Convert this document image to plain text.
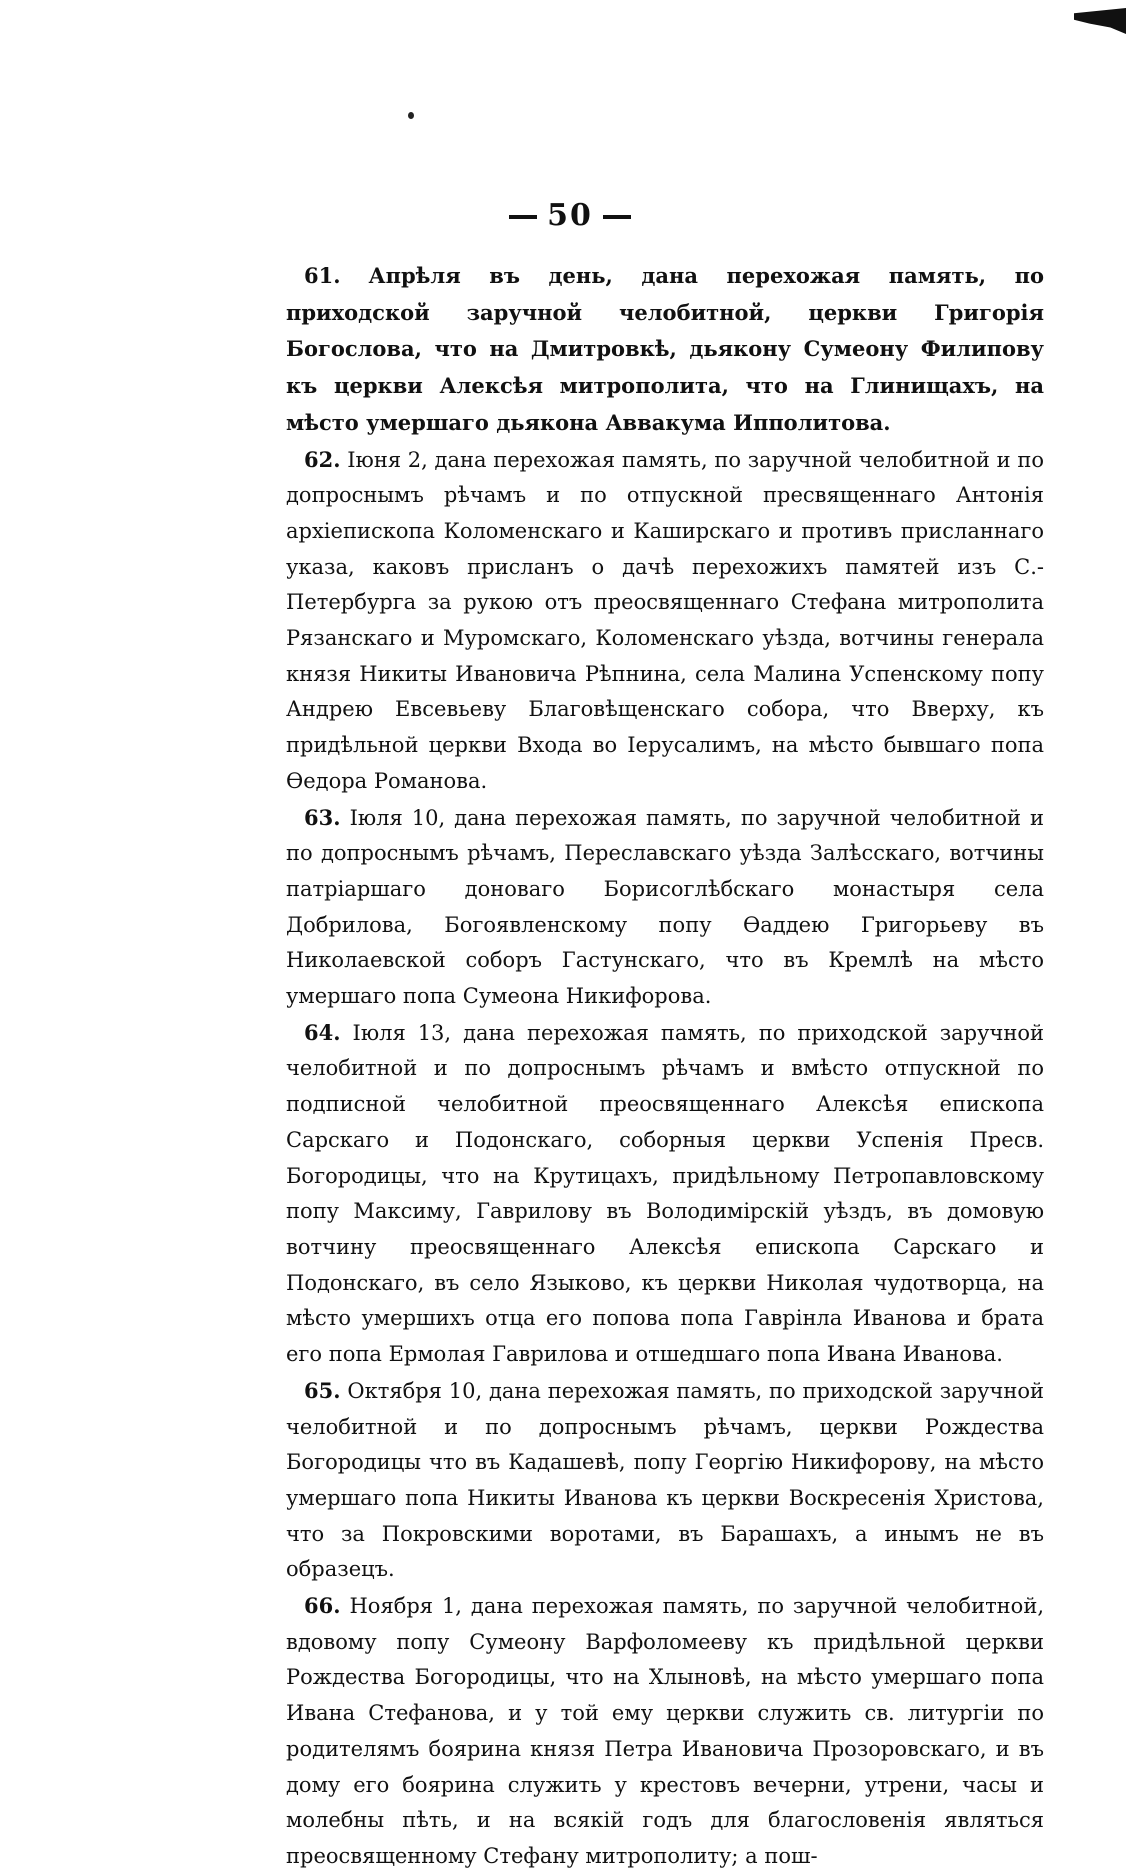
50

61. Апрѣля въ день, дана перехожая память, по приходской заручной челобитной, церкви Григорія Богослова, что на Дмитровкѣ, дьякону Сумеону Филипову къ церкви Алексѣя митрополита, что на Глинищахъ, на мѣсто умершаго дьякона Аввакума Ипполитова.

62. Іюня 2, дана перехожая память, по заручной челобитной и по допроснымъ рѣчамъ и по отпускной пресвященнаго Антонія архіепископа Коломенскаго и Каширскаго и противъ присланнаго указа, каковъ присланъ о дачѣ перехожихъ памятей изъ С.-Петербурга за рукою отъ преосвященнаго Стефана митрополита Рязанскаго и Муромскаго, Коломенскаго уѣзда, вотчины генерала князя Никиты Ивановича Рѣпнина, села Малина Успенскому попу Андрею Евсевьеву Благовѣщенскаго собора, что Вверху, къ придѣльной церкви Входа во Іерусалимъ, на мѣсто бывшаго попа Ѳедора Романова.

63. Іюля 10, дана перехожая память, по заручной челобитной и по допроснымъ рѣчамъ, Переславскаго уѣзда Залѣсскаго, вотчины патріаршаго доноваго Борисоглѣбскаго монастыря села Добрилова, Богоявленскому попу Ѳаддею Григорьеву въ Николаевской соборъ Гастунскаго, что въ Кремлѣ на мѣсто умершаго попа Сумеона Никифорова.

64. Іюля 13, дана перехожая память, по приходской заручной челобитной и по допроснымъ рѣчамъ и вмѣсто отпускной по подписной челобитной преосвященнаго Алексѣя епископа Сарскаго и Подонскаго, соборныя церкви Успенія Пресв. Богородицы, что на Крутицахъ, придѣльному Петропавловскому попу Максиму, Гаврилову въ Володимірскій уѣздъ, въ домовую вотчину преосвященнаго Алексѣя епископа Сарскаго и Подонскаго, въ село Языково, къ церкви Николая чудотворца, на мѣсто умершихъ отца его попова попа Гаврінла Иванова и брата его попа Ермолая Гаврилова и отшедшаго попа Ивана Иванова.

65. Октября 10, дана перехожая память, по приходской заручной челобитной и по допроснымъ рѣчамъ, церкви Рождества Богородицы что въ Кадашевѣ, попу Георгію Никифорову, на мѣсто умершаго попа Никиты Иванова къ церкви Воскресенія Христова, что за Покровскими воротами, въ Барашахъ, а инымъ не въ образецъ.

66. Ноября 1, дана перехожая память, по заручной челобитной, вдовому попу Сумеону Варфоломееву къ придѣльной церкви Рождества Богородицы, что на Хлыновѣ, на мѣсто умершаго попа Ивана Стефанова, и у той ему церкви служить св. литургіи по родителямъ боярина князя Петра Ивановича Прозоровскаго, и въ дому его боярина служить у крестовъ вечерни, утрени, часы и молебны пѣть, и на всякій годъ для благословенія являться преосвященному Стефану митрополиту; а пош-
